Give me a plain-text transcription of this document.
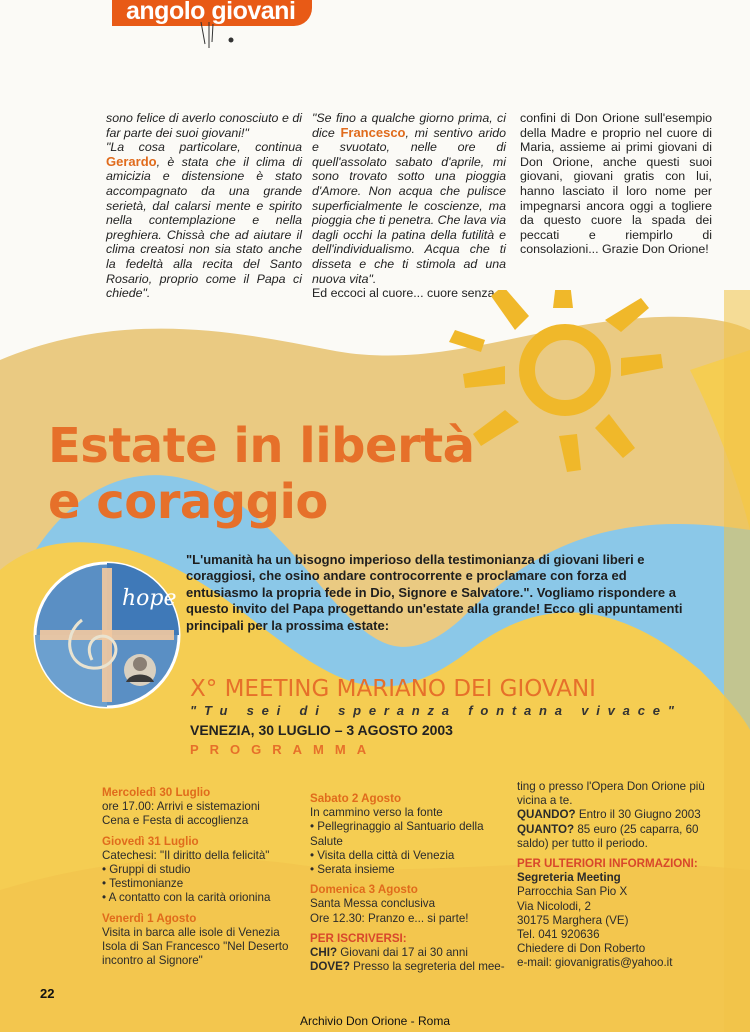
angolo giovani

sono felice di averlo conosciuto e di far parte dei suoi giovani!"

"La cosa particolare, continua Gerardo, è stata che il clima di amicizia e distensione è stato accompagnato da una grande serietà, dal calarsi mente e spirito nella contemplazione e nella preghiera. Chissà che ad aiutare il clima creatosi non sia stato anche la fedeltà alla recita del Santo Rosario, proprio come il Papa ci chiede".

"Se fino a qualche giorno prima, ci dice Francesco, mi sentivo arido e svuotato, nelle ore di quell'assolato sabato d'aprile, mi sono trovato sotto una pioggia d'Amore. Non acqua che pulisce superficialmente le coscienze, ma pioggia che ti penetra. Che lava via dagli occhi la patina della futilità e dell'individualismo. Acqua che ti disseta e che ti stimola ad una nuova vita".

Ed eccoci al cuore... cuore senza

confini di Don Orione sull'esempio della Madre e proprio nel cuore di Maria, assieme ai primi giovani di Don Orione, anche questi suoi giovani, giovani gratis con lui, hanno lasciato il loro nome per impegnarsi ancora oggi a togliere da questo cuore la spada dei peccati e riempirlo di consolazioni... Grazie Don Orione!

Estate in libertà
e coraggio
hope
"L'umanità ha un bisogno imperioso della testimonianza di giovani liberi e coraggiosi, che osino andare controcorrente e proclamare con forza ed entusiasmo la propria fede in Dio, Signore e Salvatore.". Vogliamo rispondere a questo invito del Papa progettando un'estate alla grande! Ecco gli appuntamenti principali per la prossima estate:
X° MEETING MARIANO DEI GIOVANI
"Tu sei di speranza fontana vivace"
VENEZIA, 30 LUGLIO – 3 AGOSTO 2003
PROGRAMMA
Mercoledì 30 Luglio
ore 17.00: Arrivi e sistemazioni
Cena e Festa di accoglienza
Giovedì 31 Luglio
Catechesi: "Il diritto della felicità"
• Gruppi di studio
• Testimonianze
• A contatto con la carità orionina
Venerdì 1 Agosto
Visita in barca alle isole di Venezia
Isola di San Francesco "Nel Deserto
incontro al Signore"
Sabato 2 Agosto
In cammino verso la fonte
• Pellegrinaggio al Santuario della
Salute
• Visita della città di Venezia
• Serata insieme
Domenica 3 Agosto
Santa Messa conclusiva
Ore 12.30: Pranzo e... si parte!
PER ISCRIVERSI:
CHI? Giovani dai 17 ai 30 anni
DOVE? Presso la segreteria del mee-
ting o presso l'Opera Don Orione più
vicina a te.
QUANDO? Entro il 30 Giugno 2003
QUANTO? 85 euro (25 caparra, 60
saldo) per tutto il periodo.
PER ULTERIORI INFORMAZIONI:
Segreteria Meeting
Parrocchia San Pio X
Via Nicolodi, 2
30175 Marghera (VE)
Tel. 041 920636
Chiedere di Don Roberto
e-mail: giovanigratis@yahoo.it
22
Archivio Don Orione - Roma
